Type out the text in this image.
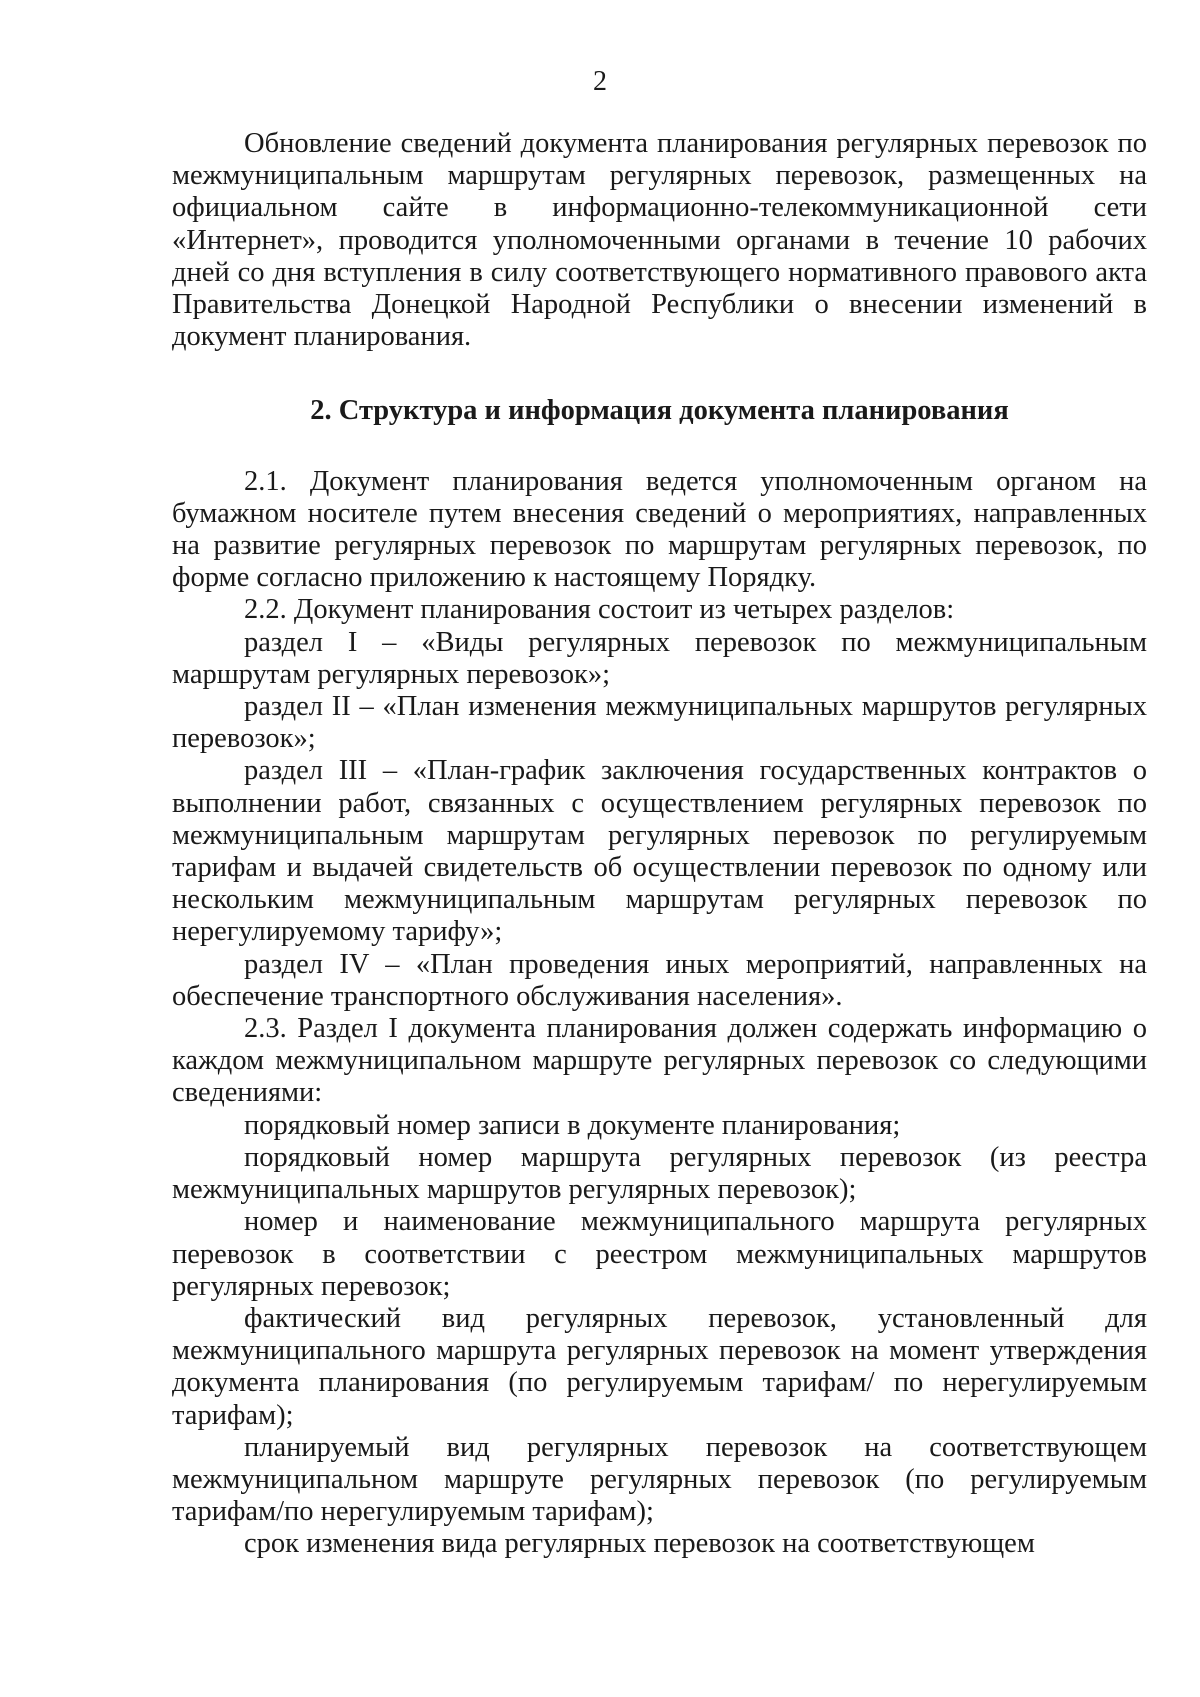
2

Обновление сведений документа планирования регулярных перевозок по межмуниципальным маршрутам регулярных перевозок, размещенных на официальном сайте в информационно-телекоммуникационной сети «Интернет», проводится уполномоченными органами в течение 10 рабочих дней со дня вступления в силу соответствующего нормативного правового акта Правительства Донецкой Народной Республики о внесении изменений в документ планирования.

2. Структура и информация документа планирования

2.1. Документ планирования ведется уполномоченным органом на бумажном носителе путем внесения сведений о мероприятиях, направленных на развитие регулярных перевозок по маршрутам регулярных перевозок, по форме согласно приложению к настоящему Порядку.

2.2. Документ планирования состоит из четырех разделов:

раздел I – «Виды регулярных перевозок по межмуниципальным маршрутам регулярных перевозок»;

раздел II – «План изменения межмуниципальных маршрутов регулярных перевозок»;

раздел III – «План-график заключения государственных контрактов о выполнении работ, связанных с осуществлением регулярных перевозок по межмуниципальным маршрутам регулярных перевозок по регулируемым тарифам и выдачей свидетельств об осуществлении перевозок по одному или нескольким межмуниципальным маршрутам регулярных перевозок по нерегулируемому тарифу»;

раздел IV – «План проведения иных мероприятий, направленных на обеспечение транспортного обслуживания населения».

2.3. Раздел I документа планирования должен содержать информацию о каждом межмуниципальном маршруте регулярных перевозок со следующими сведениями:

порядковый номер записи в документе планирования;

порядковый номер маршрута регулярных перевозок (из реестра межмуниципальных маршрутов регулярных перевозок);

номер и наименование межмуниципального маршрута регулярных перевозок в соответствии с реестром межмуниципальных маршрутов регулярных перевозок;

фактический вид регулярных перевозок, установленный для межмуниципального маршрута регулярных перевозок на момент утверждения документа планирования (по регулируемым тарифам/ по нерегулируемым тарифам);

планируемый вид регулярных перевозок на соответствующем межмуниципальном маршруте регулярных перевозок (по регулируемым тарифам/по нерегулируемым тарифам);

срок изменения вида регулярных перевозок на соответствующем
